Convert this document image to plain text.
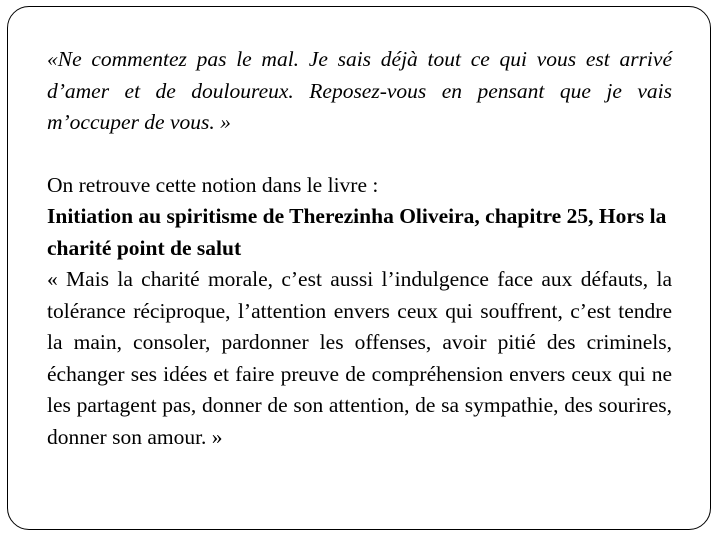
«Ne commentez pas le mal. Je sais déjà tout ce qui vous est arrivé d’amer et de douloureux. Reposez-vous en pensant que je vais m’occuper de vous. »

On retrouve cette notion dans le livre :

Initiation au spiritisme de Therezinha Oliveira, chapitre 25, Hors la charité point de salut

« Mais la charité morale, c’est aussi l’indulgence face aux défauts, la tolérance réciproque, l’attention envers ceux qui souffrent, c’est tendre la main, consoler, pardonner les offenses, avoir pitié des criminels, échanger ses idées et faire preuve de compréhension envers ceux qui ne les partagent pas, donner de son attention, de sa sympathie, des sourires, donner son amour. »
